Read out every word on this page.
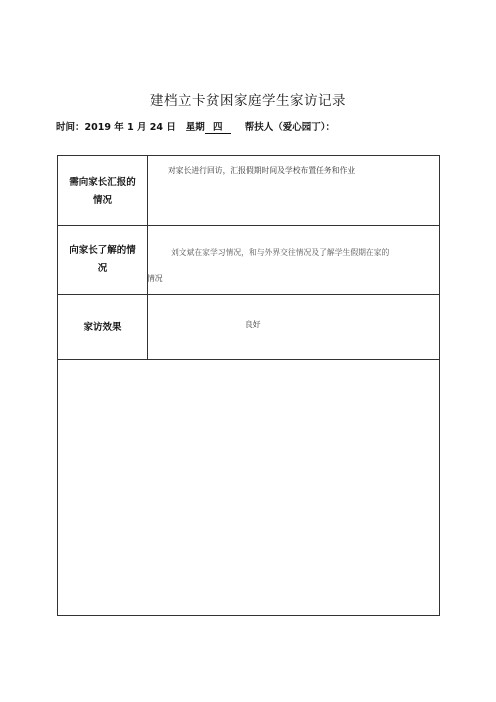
建档立卡贫困家庭学生家访记录
时间：2019 年 1 月 24 日 星期 四 帮扶人（爱心园丁）：
需向家长汇报的
情况
对家长进行回访，汇报假期时间及学校布置任务和作业
向家长了解的情
况
刘文斌在家学习情况，和与外界交往情况及了解学生假期在家的
情况
家访效果	良好
